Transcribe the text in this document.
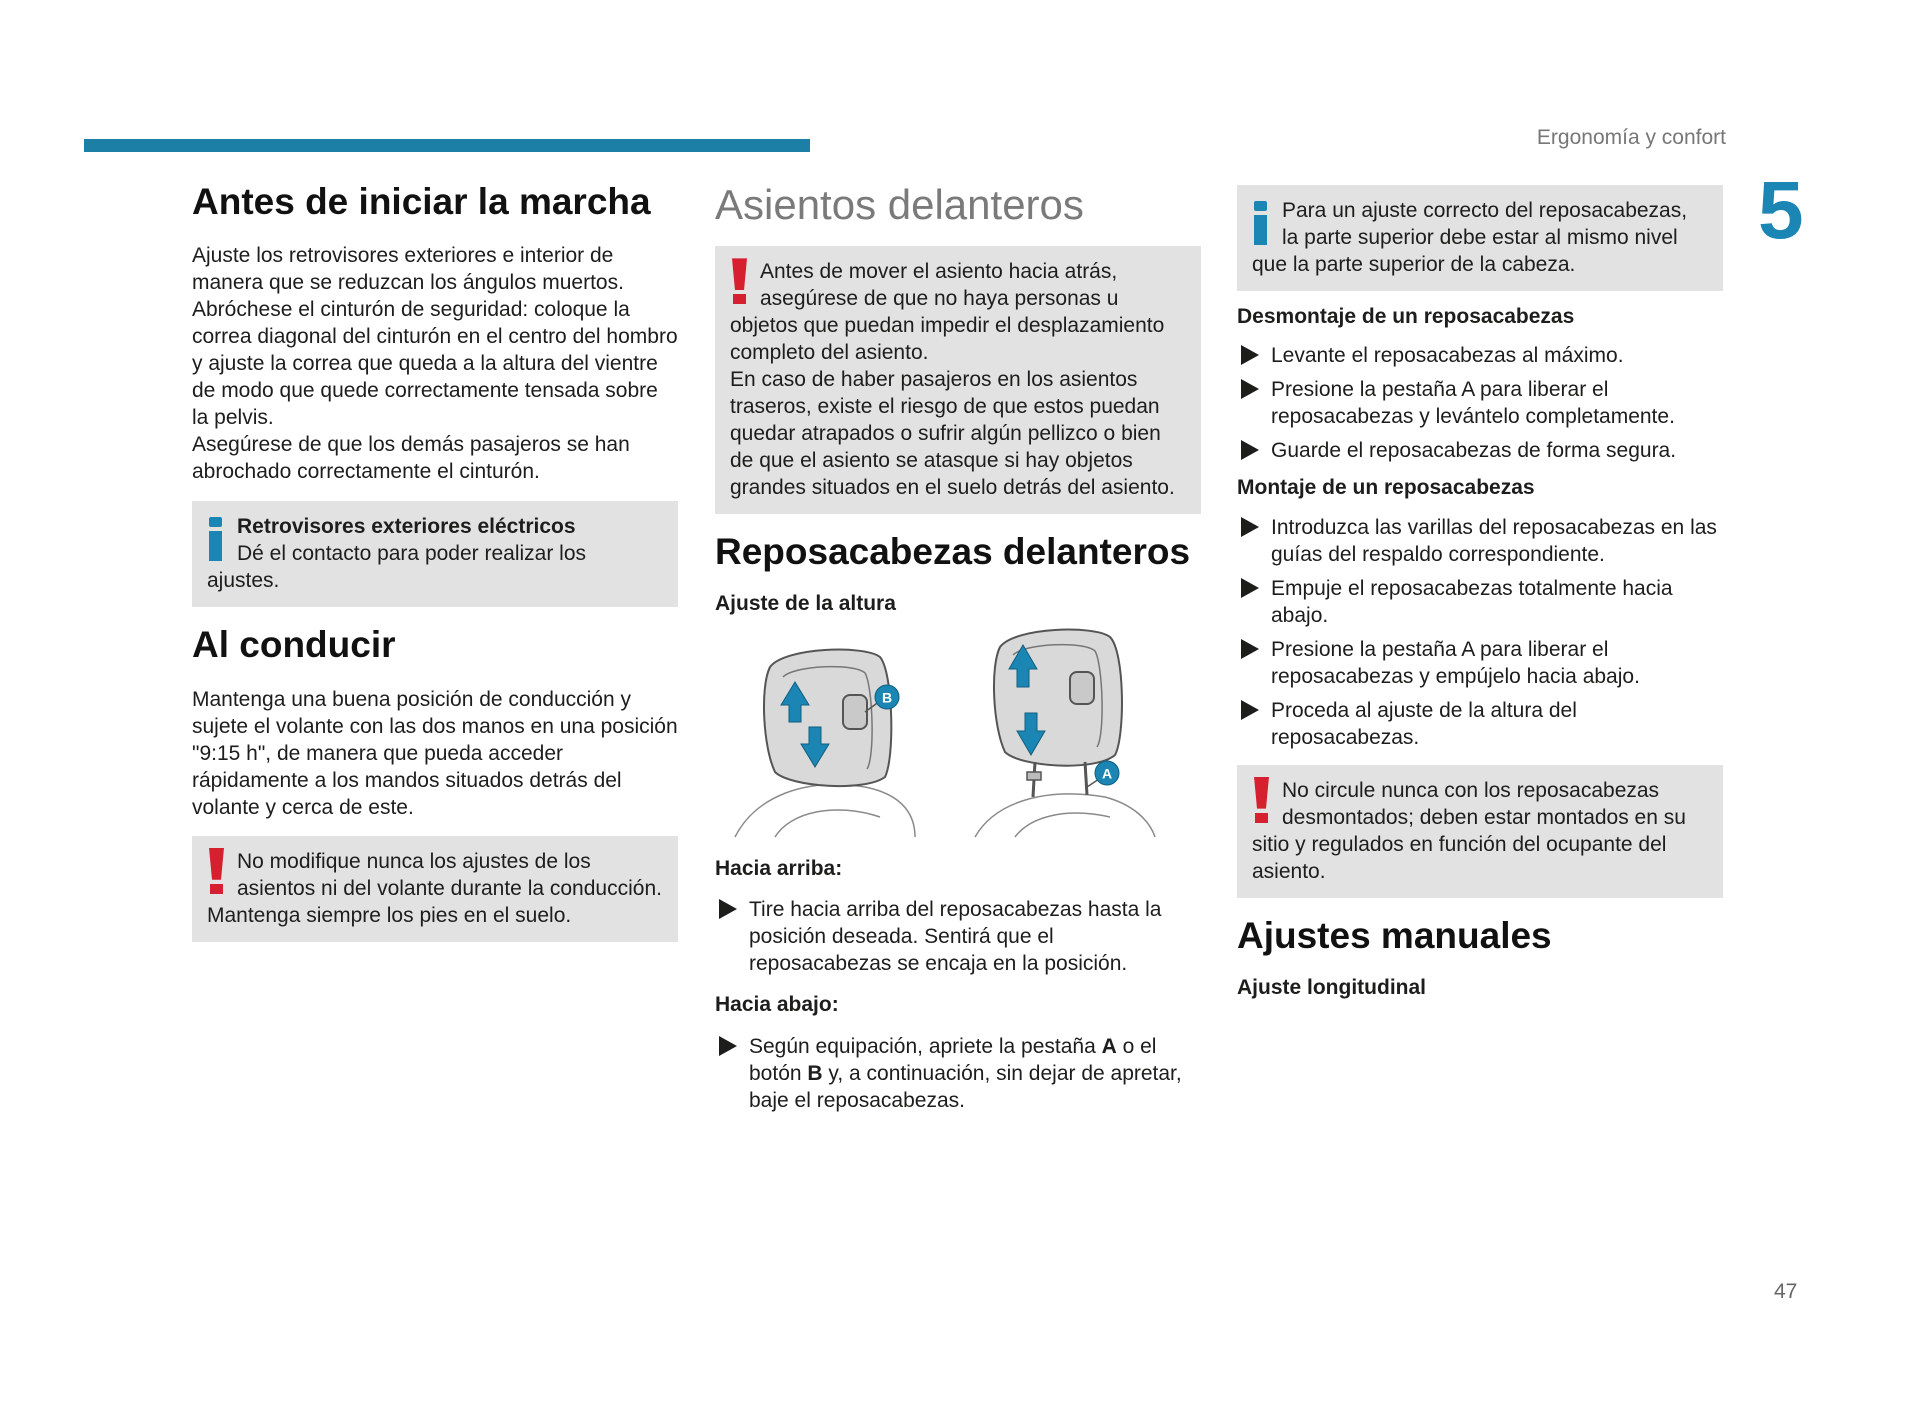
Ergonomía y confort
5
47
Antes de iniciar la marcha

Ajuste los retrovisores exteriores e interior de manera que se reduzcan los ángulos muertos.

Abróchese el cinturón de seguridad: coloque la correa diagonal del cinturón en el centro del hombro y ajuste la correa que queda a la altura del vientre de modo que quede correctamente tensada sobre la pelvis.

Asegúrese de que los demás pasajeros se han abrochado correctamente el cinturón.

Retrovisores exteriores eléctricos

Dé el contacto para poder realizar los ajustes.

Al conducir

Mantenga una buena posición de conducción y sujete el volante con las dos manos en una posición "9:15 h", de manera que pueda acceder rápidamente a los mandos situados detrás del volante y cerca de este.

No modifique nunca los ajustes de los asientos ni del volante durante la conducción. Mantenga siempre los pies en el suelo.

Asientos delanteros

Antes de mover el asiento hacia atrás, asegúrese de que no haya personas u objetos que puedan impedir el desplazamiento completo del asiento.

En caso de haber pasajeros en los asientos traseros, existe el riesgo de que estos puedan quedar atrapados o sufrir algún pellizco o bien de que el asiento se atasque si hay objetos grandes situados en el suelo detrás del asiento.

Reposacabezas delanteros
Ajuste de la altura
B
A
Hacia arriba:
Tire hacia arriba del reposacabezas hasta la posición deseada. Sentirá que el reposacabezas se encaja en la posición.
Hacia abajo:
Según equipación, apriete la pestaña A o el botón B y, a continuación, sin dejar de apretar, baje el reposacabezas.

Para un ajuste correcto del reposacabezas, la parte superior debe estar al mismo nivel que la parte superior de la cabeza.

Desmontaje de un reposacabezas
Levante el reposacabezas al máximo.
Presione la pestaña A para liberar el reposacabezas y levántelo completamente.
Guarde el reposacabezas de forma segura.
Montaje de un reposacabezas
Introduzca las varillas del reposacabezas en las guías del respaldo correspondiente.
Empuje el reposacabezas totalmente hacia abajo.
Presione la pestaña A para liberar el reposacabezas y empújelo hacia abajo.
Proceda al ajuste de la altura del reposacabezas.

No circule nunca con los reposacabezas desmontados; deben estar montados en su sitio y regulados en función del ocupante del asiento.

Ajustes manuales
Ajuste longitudinal
